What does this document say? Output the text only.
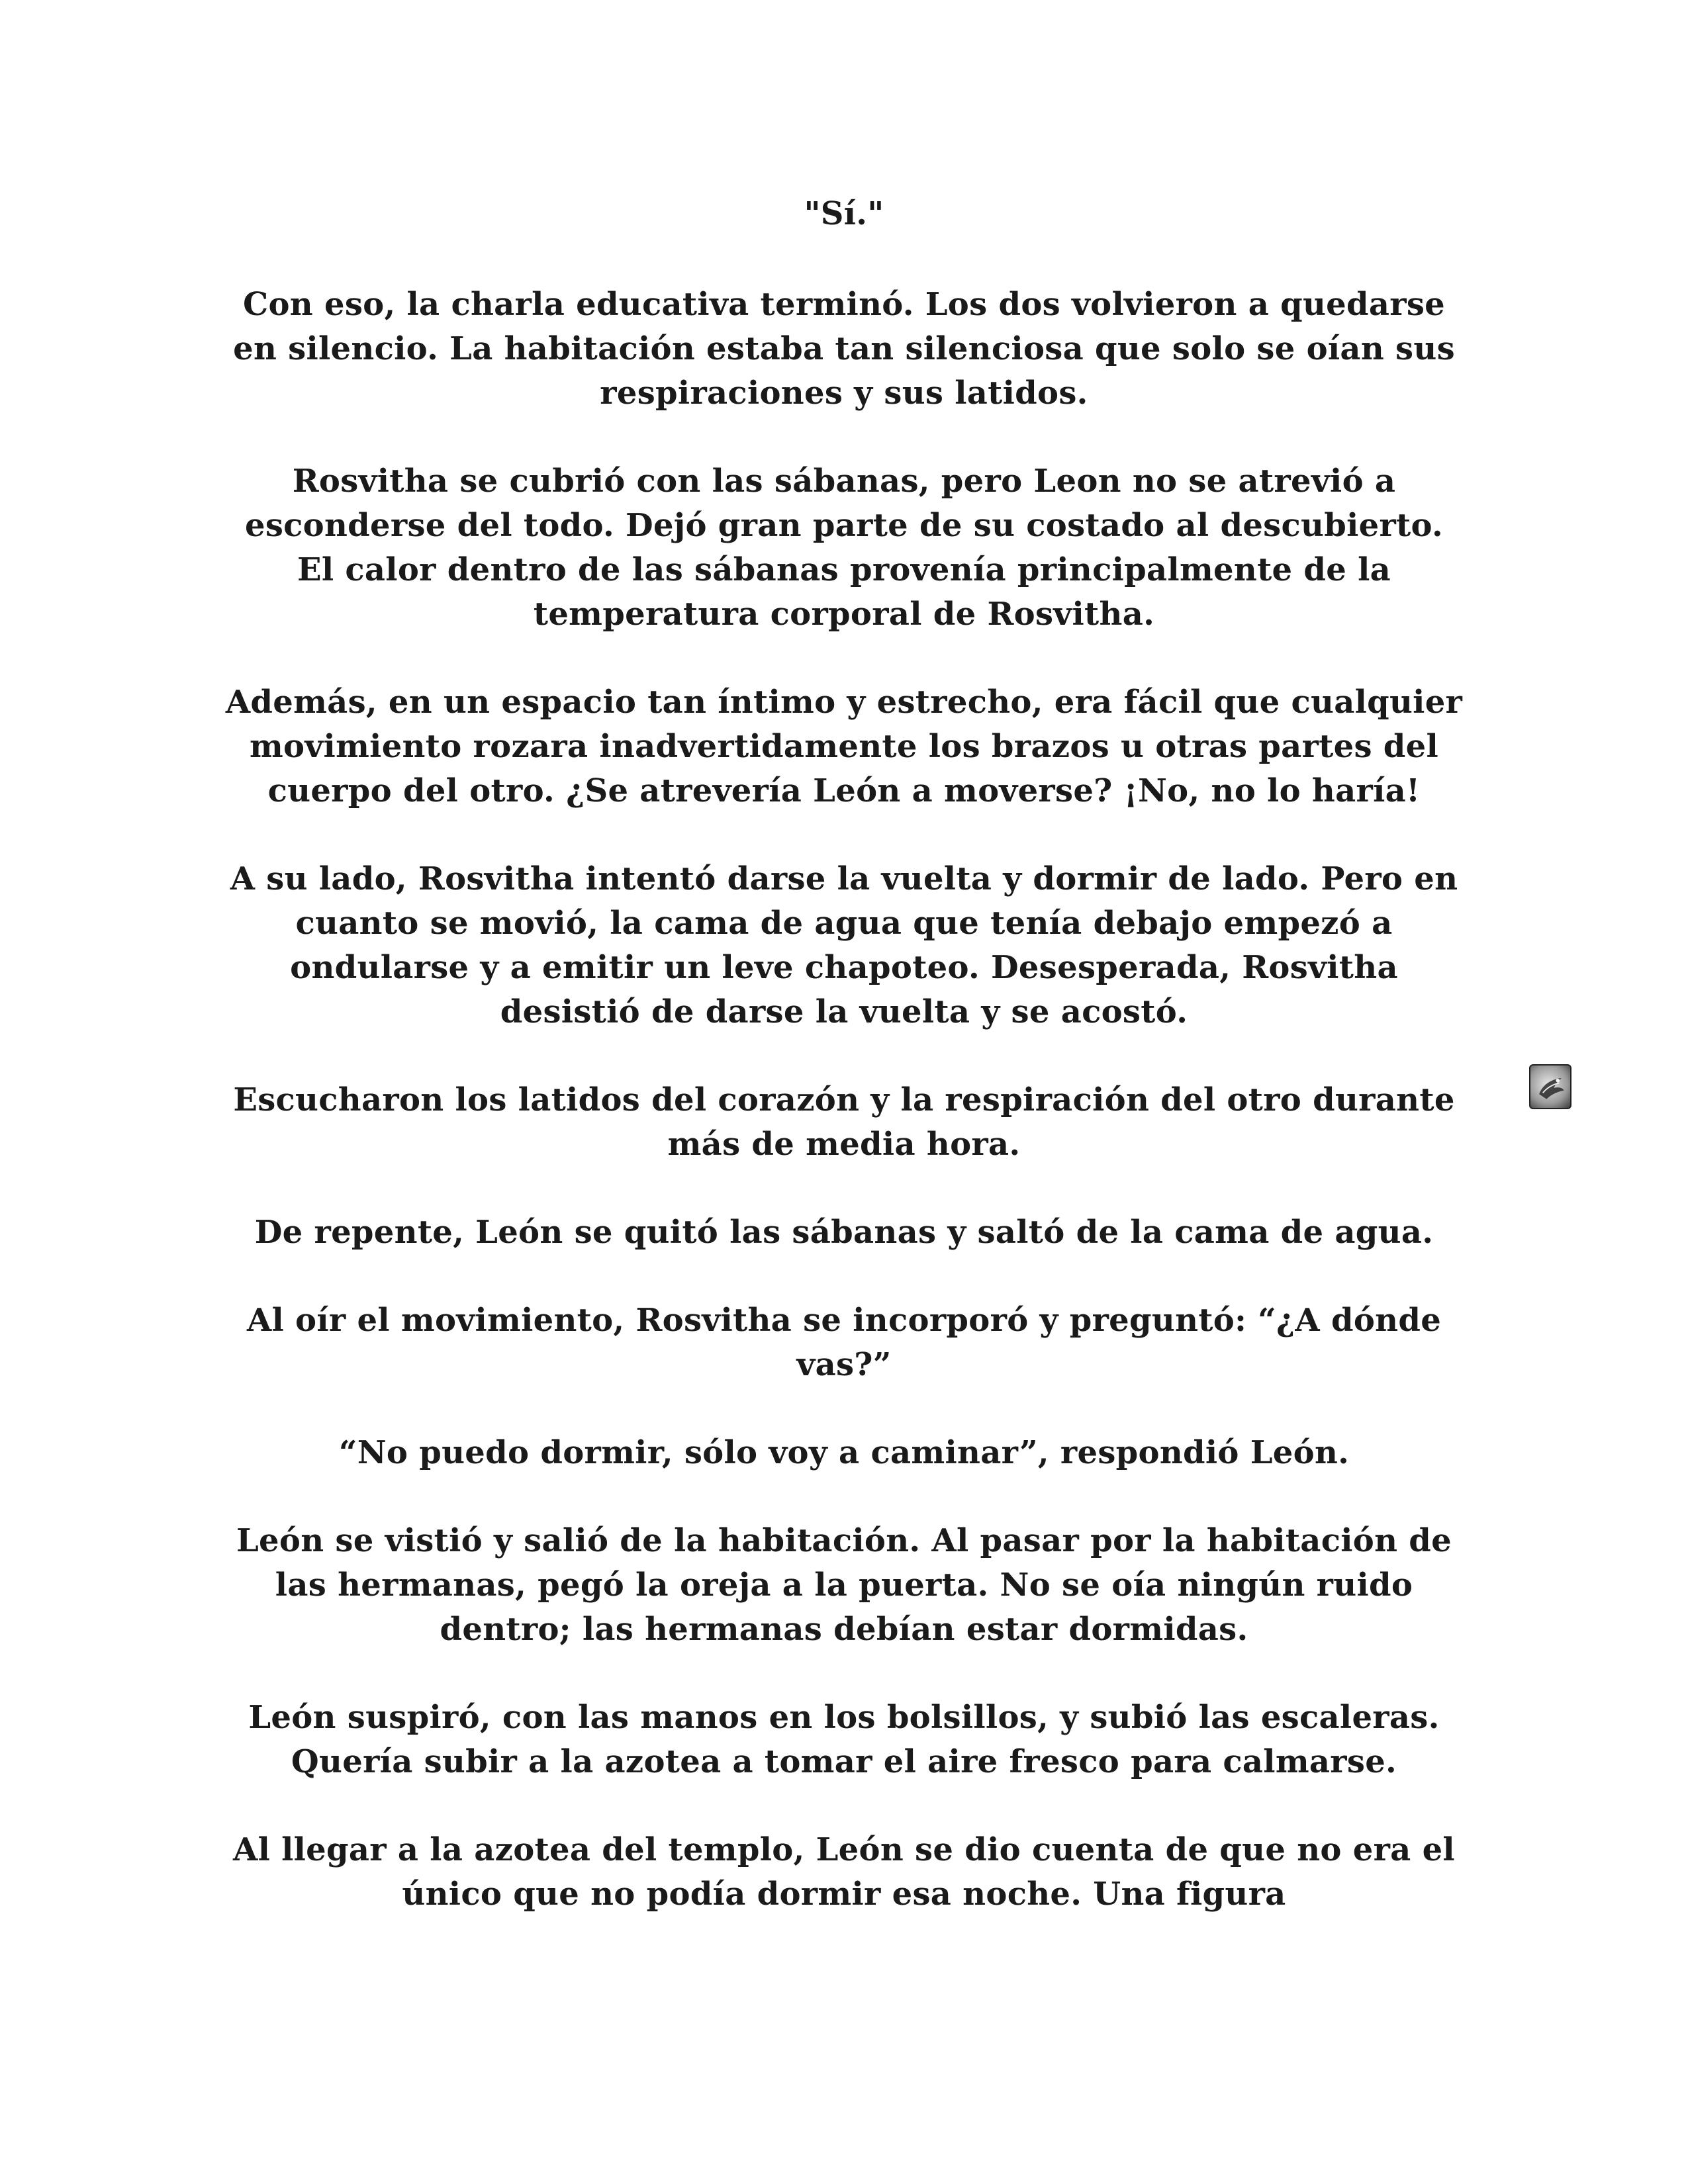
"Sí."

Con eso, la charla educativa terminó. Los dos volvieron a quedarse en silencio. La habitación estaba tan silenciosa que solo se oían sus respiraciones y sus latidos.

Rosvitha se cubrió con las sábanas, pero Leon no se atrevió a esconderse del todo. Dejó gran parte de su costado al descubierto. El calor dentro de las sábanas provenía principalmente de la temperatura corporal de Rosvitha.

Además, en un espacio tan íntimo y estrecho, era fácil que cualquier movimiento rozara inadvertidamente los brazos u otras partes del cuerpo del otro. ¿Se atrevería León a moverse? ¡No, no lo haría!

A su lado, Rosvitha intentó darse la vuelta y dormir de lado. Pero en cuanto se movió, la cama de agua que tenía debajo empezó a ondularse y a emitir un leve chapoteo. Desesperada, Rosvitha desistió de darse la vuelta y se acostó.

Escucharon los latidos del corazón y la respiración del otro durante más de media hora.

De repente, León se quitó las sábanas y saltó de la cama de agua.

Al oír el movimiento, Rosvitha se incorporó y preguntó: “¿A dónde vas?”

“No puedo dormir, sólo voy a caminar”, respondió León.

León se vistió y salió de la habitación. Al pasar por la habitación de las hermanas, pegó la oreja a la puerta. No se oía ningún ruido dentro; las hermanas debían estar dormidas.

León suspiró, con las manos en los bolsillos, y subió las escaleras. Quería subir a la azotea a tomar el aire fresco para calmarse.

Al llegar a la azotea del templo, León se dio cuenta de que no era el único que no podía dormir esa noche. Una figura
